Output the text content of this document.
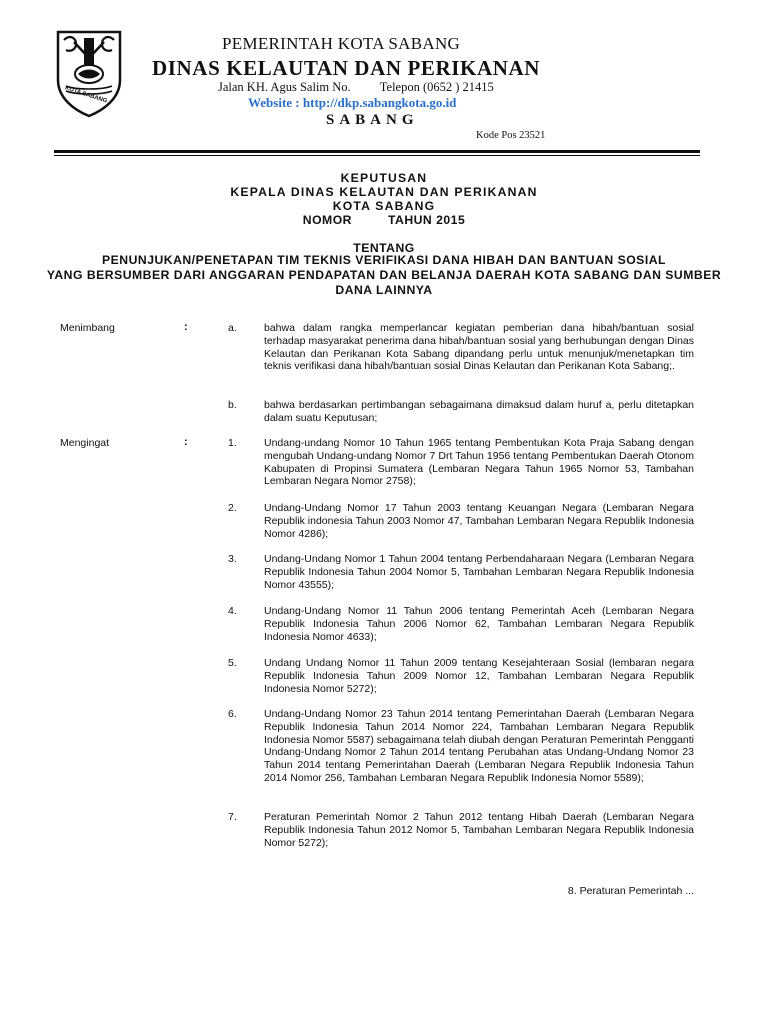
KOTA SABANG
PEMERINTAH KOTA SABANG
DINAS KELAUTAN DAN PERIKANAN
Jalan KH. Agus Salim No. Telepon (0652 ) 21415
Website : http://dkp.sabangkota.go.id
SABANG
Kode Pos 23521
KEPUTUSAN
KEPALA DINAS KELAUTAN DAN PERIKANAN
KOTA SABANG
NOMOR	TAHUN 2015
TENTANG
PENUNJUKAN/PENETAPAN TIM TEKNIS VERIFIKASI DANA HIBAH DAN BANTUAN SOSIAL
YANG BERSUMBER DARI ANGGARAN PENDAPATAN DAN BELANJA DAERAH KOTA SABANG DAN SUMBER
DANA LAINNYA
Menimbang	:	a.	bahwa dalam rangka memperlancar kegiatan pemberian dana hibah/bantuan sosial terhadap masyarakat penerima dana hibah/bantuan sosial yang berhubungan dengan Dinas Kelautan dan Perikanan Kota Sabang dipandang perlu untuk menunjuk/menetapkan tim teknis verifikasi dana hibah/bantuan sosial Dinas Kelautan dan Perikanan Kota Sabang;.
b.	bahwa berdasarkan pertimbangan sebagaimana dimaksud dalam huruf a, perlu ditetapkan dalam suatu Keputusan;
Mengingat	:	1.	Undang-undang Nomor 10 Tahun 1965 tentang Pembentukan Kota Praja Sabang dengan mengubah Undang-undang Nomor 7 Drt Tahun 1956 tentang Pembentukan Daerah Otonom Kabupaten di Propinsi Sumatera (Lembaran Negara Tahun 1965 Nomor 53, Tambahan Lembaran Negara Nomor 2758);
2.	Undang-Undang Nomor 17 Tahun 2003 tentang Keuangan Negara (Lembaran Negara Republik indonesia Tahun 2003 Nomor 47, Tambahan Lembaran Negara Republik Indonesia Nomor 4286);
3.	Undang-Undang Nomor 1 Tahun 2004 tentang Perbendaharaan Negara (Lembaran Negara Republik Indonesia Tahun 2004 Nomor 5, Tambahan Lembaran Negara Republik Indonesia Nomor 43555);
4.	Undang-Undang Nomor 11 Tahun 2006 tentang Pemerintah Aceh (Lembaran Negara Republik Indonesia Tahun 2006 Nomor 62, Tambahan Lembaran Negara Republik Indonesia Nomor 4633);
5.	Undang Undang Nomor 11 Tahun 2009 tentang Kesejahteraan Sosial (lembaran negara Republik Indonesia Tahun 2009 Nomor 12, Tambahan Lembaran Negara Republik Indonesia Nomor 5272);
6.	Undang-Undang Nomor 23 Tahun 2014 tentang Pemerintahan Daerah (Lembaran Negara Republik Indonesia Tahun 2014 Nomor 224, Tambahan Lembaran Negara Republik Indonesia Nomor 5587) sebagaimana telah diubah dengan Peraturan Pemerintah Pengganti Undang-Undang Nomor 2 Tahun 2014 tentang Perubahan atas Undang-Undang Nomor 23 Tahun 2014 tentang Pemerintahan Daerah (Lembaran Negara Republik Indonesia Tahun 2014 Nomor 256, Tambahan Lembaran Negara Republik Indonesia Nomor 5589);
7.	Peraturan Pemerintah Nomor 2 Tahun 2012 tentang Hibah Daerah (Lembaran Negara Republik Indonesia Tahun 2012 Nomor 5, Tambahan Lembaran Negara Republik Indonesia Nomor 5272);
8. Peraturan Pemerintah ...
